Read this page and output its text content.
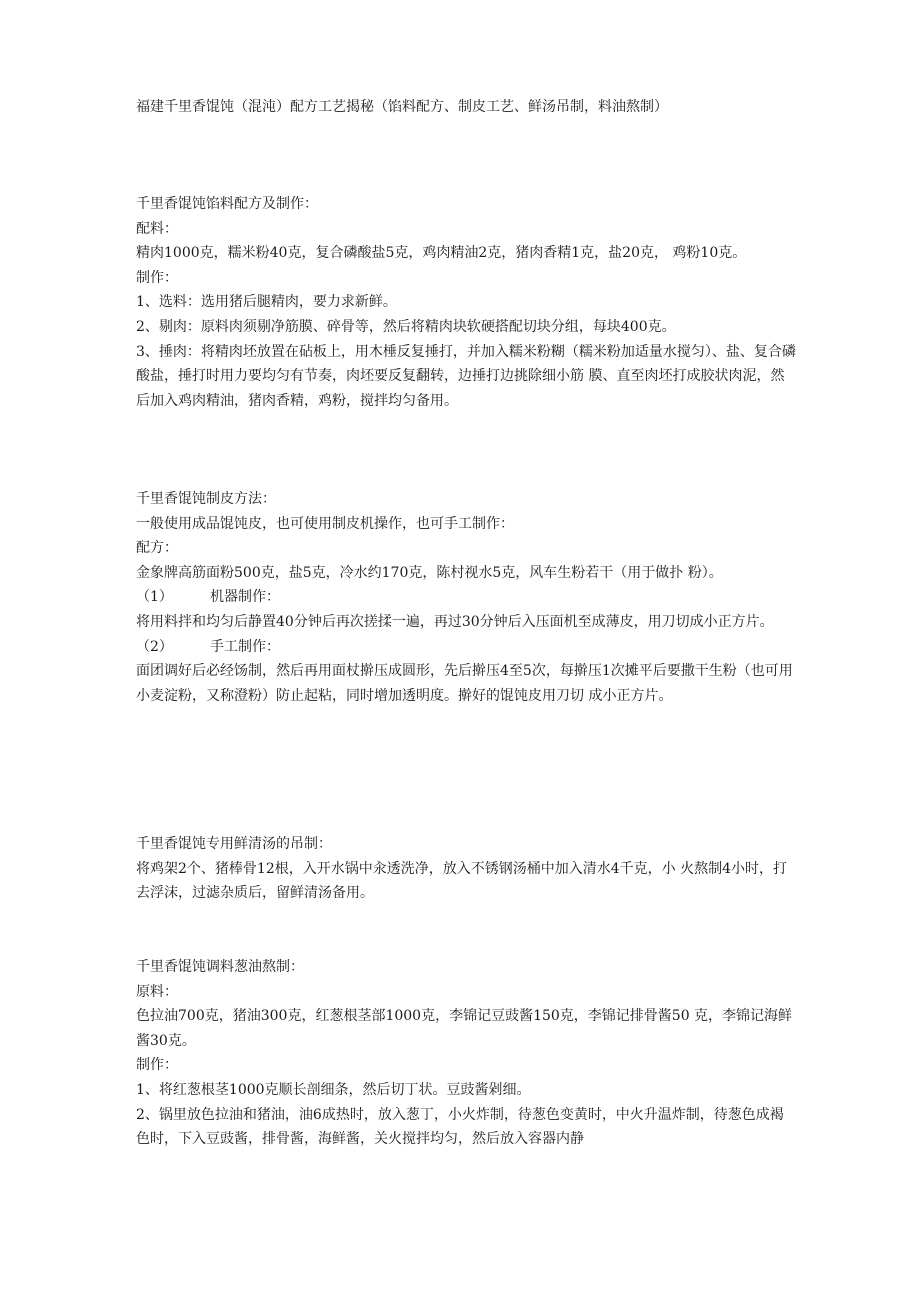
福建千里香馄饨（混沌）配方工艺揭秘（馅料配方、制皮工艺、鲜汤吊制，料油熬制）

千里香馄饨馅料配方及制作：

配料：

精肉1000克，糯米粉40克，复合磷酸盐5克，鸡肉精油2克，猪肉香精1克，盐20克， 鸡粉10克。

制作：

1、选料：选用猪后腿精肉，要力求新鲜。

2、剔肉：原料肉须剔净筋膜、碎骨等，然后将精肉块软硬搭配切块分组，每块400克。

3、捶肉：将精肉坯放置在砧板上，用木棰反复捶打，并加入糯米粉糊（糯米粉加适量水搅匀）、盐、复合磷酸盐，捶打时用力要均匀有节奏，肉坯要反复翻转，边捶打边挑除细小筋 膜、直至肉坯打成胶状肉泥，然后加入鸡肉精油，猪肉香精，鸡粉，搅拌均匀备用。

千里香馄饨制皮方法：

一般使用成品馄饨皮，也可使用制皮机操作，也可手工制作：

配方：

金象牌高筋面粉500克，盐5克，冷水约170克，陈村视水5克，风车生粉若干（用于做扑 粉）。

（1）	机器制作：

将用料拌和均匀后静置40分钟后再次搓揉一遍，再过30分钟后入压面机至成薄皮，用刀切成小正方片。

（2）	手工制作：

面团调好后必经饧制，然后再用面杖擀压成圆形，先后擀压4至5次，每擀压1次摊平后要撒干生粉（也可用小麦淀粉，又称澄粉）防止起粘，同时增加透明度。擀好的馄饨皮用刀切 成小正方片。

千里香馄饨专用鲜清汤的吊制：

将鸡架2个、猪棒骨12根，入开水锅中汆透洗净，放入不锈钢汤桶中加入清水4千克，小 火熬制4小时，打去浮沫，过滤杂质后，留鲜清汤备用。

千里香馄饨调料葱油熬制：

原料：

色拉油700克，猪油300克，红葱根茎部1000克，李锦记豆豉酱150克，李锦记排骨酱50 克，李锦记海鲜酱30克。

制作：

1、将红葱根茎1000克顺长剖细条，然后切丁状。豆豉酱剁细。

2、锅里放色拉油和猪油，油6成热时，放入葱丁，小火炸制，待葱色变黄时，中火升温炸制，待葱色成褐色时，下入豆豉酱，排骨酱，海鲜酱，关火搅拌均匀，然后放入容器内静
